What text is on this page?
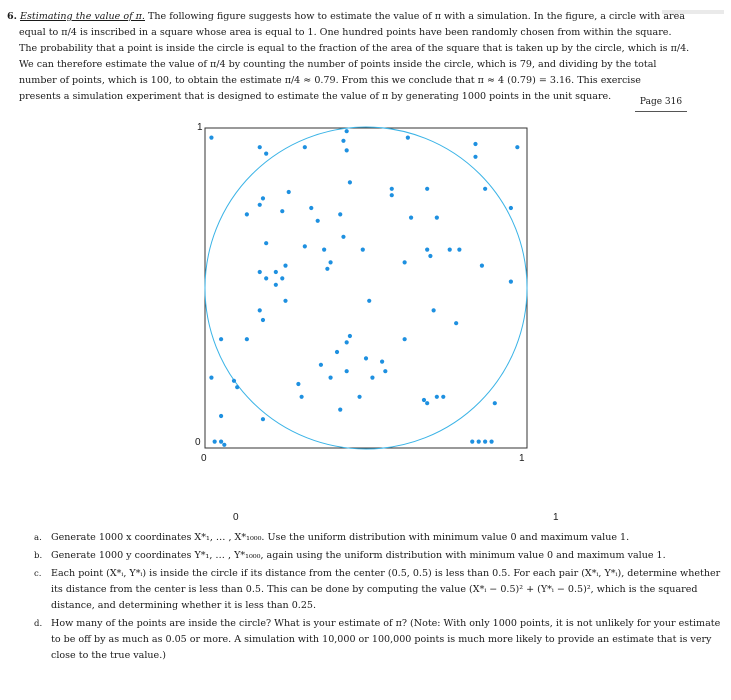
6. Estimating the value of π. The following figure suggests how to estimate the value of π with a simulation. In the figure, a circle with area
equal to π/4 is inscribed in a square whose area is equal to 1. One hundred points have been randomly chosen from within the square.
The probability that a point is inside the circle is equal to the fraction of the area of the square that is taken up by the circle, which is π/4.
We can therefore estimate the value of π/4 by counting the number of points inside the circle, which is 79, and dividing by the total
number of points, which is 100, to obtain the estimate π/4 ≈ 0.79. From this we conclude that π ≈ 4 (0.79) = 3.16. This exercise
presents a simulation experiment that is designed to estimate the value of π by generating 1000 points in the unit square.
Page 316
1
0
0	1
0	1
a. Generate 1000 x coordinates X*₁, … , X*₁₀₀₀. Use the uniform distribution with minimum value 0 and maximum value 1.
b. Generate 1000 y coordinates Y*₁, … , Y*₁₀₀₀, again using the uniform distribution with minimum value 0 and maximum value 1.
c. Each point (X*ᵢ, Y*ᵢ) is inside the circle if its distance from the center (0.5, 0.5) is less than 0.5. For each pair (X*ᵢ, Y*ᵢ), determine whether its distance from the center is less than 0.5. This can be done by computing the value (X*ᵢ − 0.5)² + (Y*ᵢ − 0.5)², which is the squared distance, and determining whether it is less than 0.25.
d. How many of the points are inside the circle? What is your estimate of π? (Note: With only 1000 points, it is not unlikely for your estimate to be off by as much as 0.05 or more. A simulation with 10,000 or 100,000 points is much more likely to provide an estimate that is very close to the true value.)
